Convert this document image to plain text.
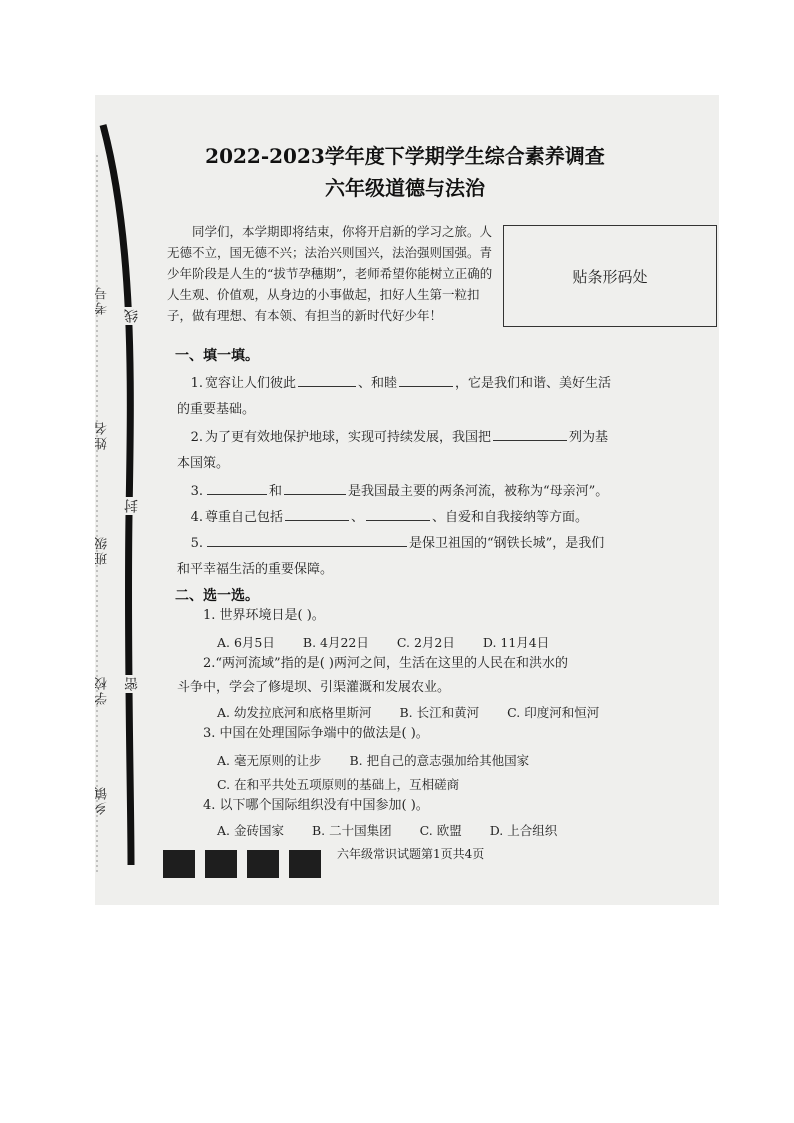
考号
姓名
班级
学校
乡镇
线
封
密
2022-2023学年度下学期学生综合素养调查
六年级道德与法治
同学们，本学期即将结束，你将开启新的学习之旅。人无德不立，国无德不兴；法治兴则国兴，法治强则国强。青少年阶段是人生的“拔节孕穗期”，老师希望你能树立正确的人生观、价值观，从身边的小事做起，扣好人生第一粒扣子，做有理想、有本领、有担当的新时代好少年！
贴条形码处
一、填一填。
1. 宽容让人们彼此	、和睦	，它是我们和谐、美好生活
的重要基础。
2. 为了更有效地保护地球，实现可持续发展，我国把	列为基
本国策。
3.	和	是我国最主要的两条河流，被称为“母亲河”。
4. 尊重自己包括	、	、自爱和自我接纳等方面。
5.	是保卫祖国的“钢铁长城”，是我们
和平幸福生活的重要保障。
二、选一选。
1. 世界环境日是( )。
A. 6月5日 B. 4月22日 C. 2月2日 D. 11月4日
2.“两河流域”指的是( )两河之间，生活在这里的人民在和洪水的
斗争中，学会了修堤坝、引渠灌溉和发展农业。
A. 幼发拉底河和底格里斯河 B. 长江和黄河 C. 印度河和恒河
3. 中国在处理国际争端中的做法是( )。
A. 毫无原则的让步 B. 把自己的意志强加给其他国家
C. 在和平共处五项原则的基础上，互相磋商
4. 以下哪个国际组织没有中国参加( )。
A. 金砖国家 B. 二十国集团 C. 欧盟 D. 上合组织
六年级常识试题第1页共4页
